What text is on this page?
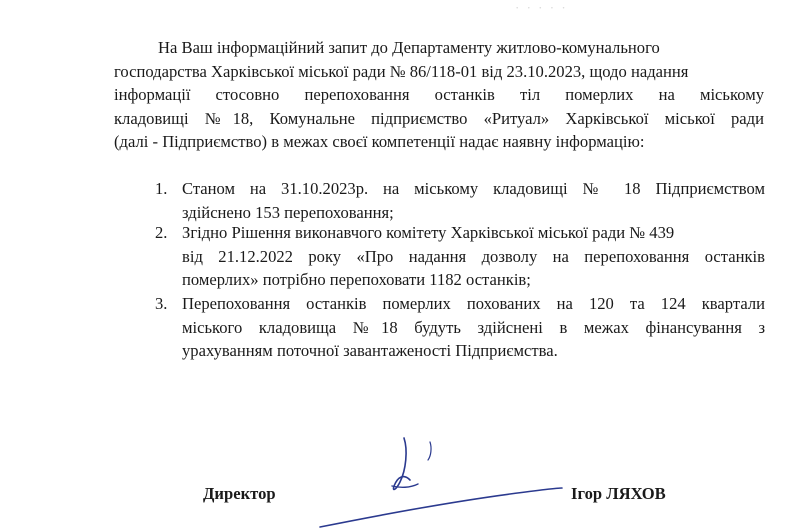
· · · · ·
На Ваш інформаційний запит до Департаменту житлово-комунального
господарства Харківської міської ради № 86/118-01 від 23.10.2023, щодо надання
інформації стосовно перепоховання останків тіл померлих на міському
кладовищі №18, Комунальне підприємство «Ритуал» Харківської міської ради
(далі - Підприємство) в межах своєї компетенції надає наявну інформацію:
1. Станом на 31.10.2023р. на міському кладовищі № 18 Підприємством
здійснено 153 перепоховання;
2. Згідно Рішення виконавчого комітету Харківської міської ради № 439
від 21.12.2022 року «Про надання дозволу на перепоховання останків
померлих» потрібно перепоховати 1182 останків;
3. Перепоховання останків померлих похованих на 120 та 124 квартали
міського кладовища №18 будуть здійснені в межах фінансування з
урахуванням поточної завантаженості Підприємства.
Директор	Ігор ЛЯХОВ
